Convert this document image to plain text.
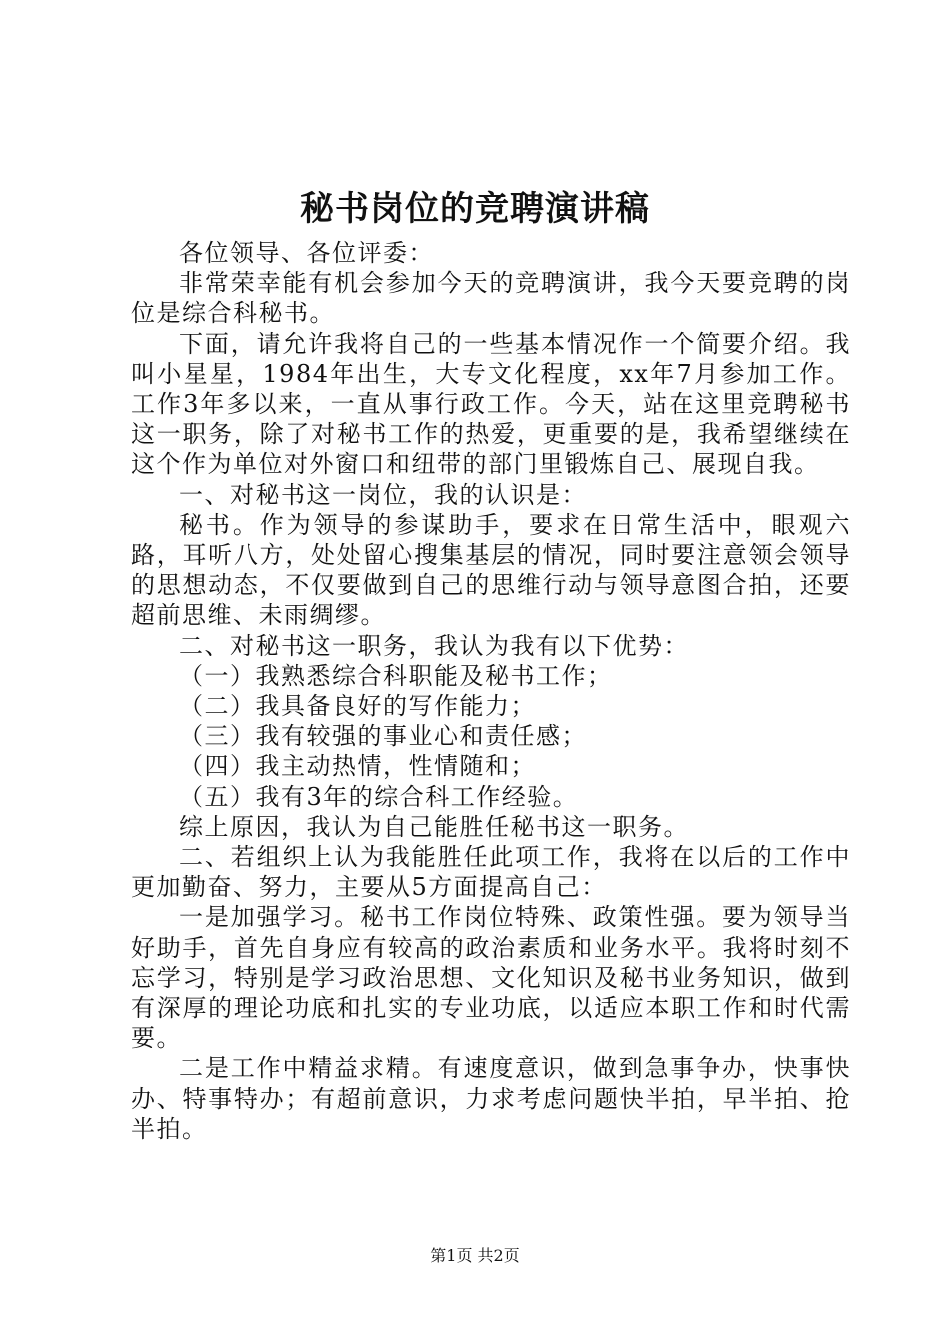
秘书岗位的竞聘演讲稿

各位领导、各位评委：

非常荣幸能有机会参加今天的竞聘演讲，我今天要竞聘的岗位是综合科秘书。

下面，请允许我将自己的一些基本情况作一个简要介绍。我叫小星星，1984年出生，大专文化程度，xx年7月参加工作。工作3年多以来，一直从事行政工作。今天，站在这里竞聘秘书这一职务，除了对秘书工作的热爱，更重要的是，我希望继续在这个作为单位对外窗口和纽带的部门里锻炼自己、展现自我。

一、对秘书这一岗位，我的认识是：

秘书。作为领导的参谋助手，要求在日常生活中，眼观六路，耳听八方，处处留心搜集基层的情况，同时要注意领会领导的思想动态，不仅要做到自己的思维行动与领导意图合拍，还要超前思维、未雨绸缪。

二、对秘书这一职务，我认为我有以下优势：

（一）我熟悉综合科职能及秘书工作；

（二）我具备良好的写作能力；

（三）我有较强的事业心和责任感；

（四）我主动热情，性情随和；

（五）我有3年的综合科工作经验。

综上原因，我认为自己能胜任秘书这一职务。

二、若组织上认为我能胜任此项工作，我将在以后的工作中更加勤奋、努力，主要从5方面提高自己：

一是加强学习。秘书工作岗位特殊、政策性强。要为领导当好助手，首先自身应有较高的政治素质和业务水平。我将时刻不忘学习，特别是学习政治思想、文化知识及秘书业务知识，做到有深厚的理论功底和扎实的专业功底，以适应本职工作和时代需要。

二是工作中精益求精。有速度意识，做到急事争办，快事快办、特事特办；有超前意识，力求考虑问题快半拍，早半拍、抢半拍。

第1页 共2页
